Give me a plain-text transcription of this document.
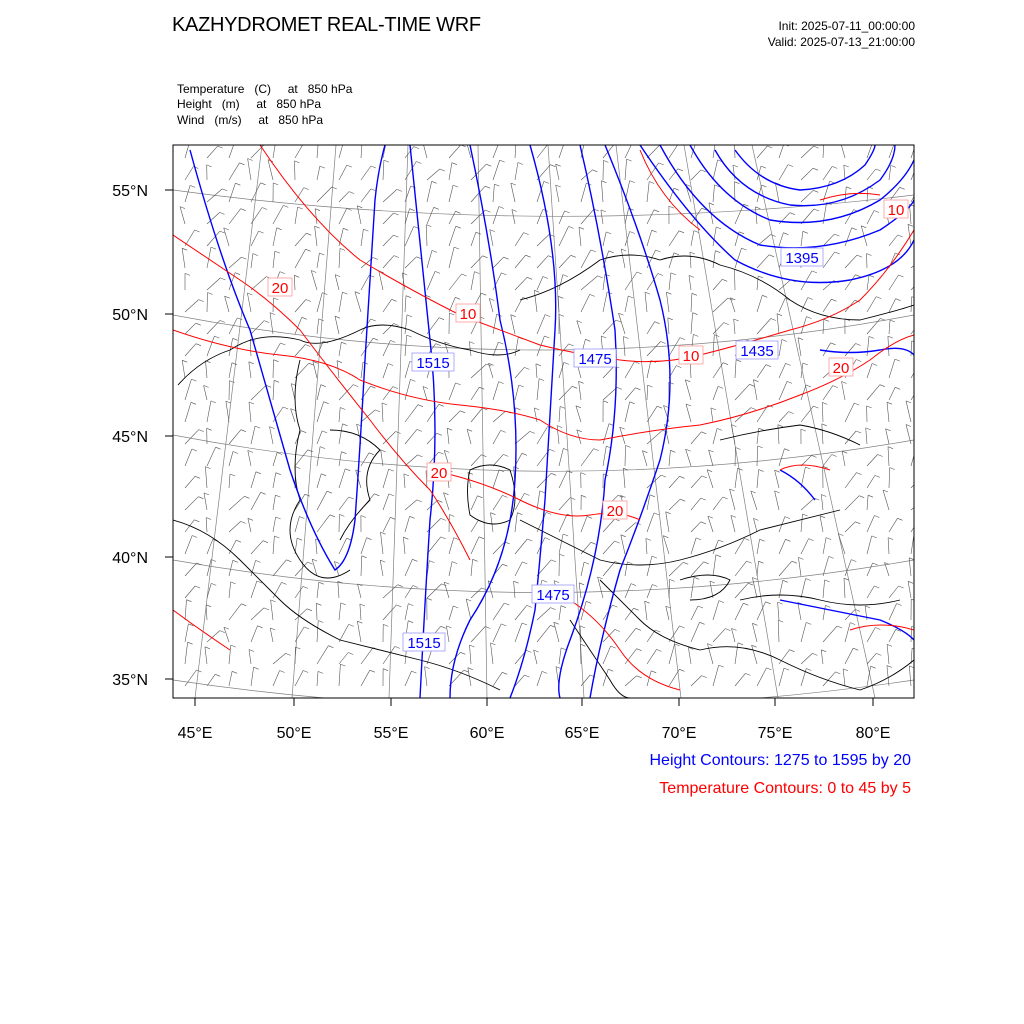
KAZHYDROMET REAL-TIME WRF	Init: 2025-07-11_00:00:00
Valid: 2025-07-13_21:00:00
Temperature   (C)     at   850 hPa
Height   (m)     at   850 hPa
Wind   (m/s)     at   850 hPa
1395
1435
1475
1515
1475
1515
10
20
10
10
20
20
20
55°N
50°N
45°N
40°N
35°N
45°E	50°E	55°E	60°E	65°E	70°E	75°E	80°E
Height Contours: 1275 to 1595 by 20
Temperature Contours: 0 to 45 by 5
